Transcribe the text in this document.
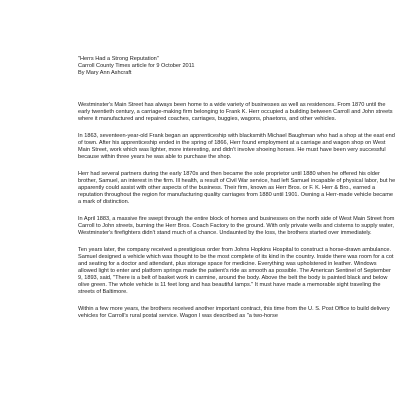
"Herrs Had a Strong Reputation"
Carroll County Times article for 9 October 2011
By Mary Ann Ashcraft

Westminster's Main Street has always been home to a wide variety of businesses as well as residences. From 1870 until the early twentieth century, a carriage-making firm belonging to Frank K. Herr occupied a building between Carroll and John streets where it manufactured and repaired coaches, carriages, buggies, wagons, phaetons, and other vehicles.

In 1863, seventeen-year-old Frank began an apprenticeship with blacksmith Michael Baughman who had a shop at the east end of town. After his apprenticeship ended in the spring of 1866, Herr found employment at a carriage and wagon shop on West Main Street, work which was lighter, more interesting, and didn't involve shoeing horses. He must have been very successful because within three years he was able to purchase the shop.

Herr had several partners during the early 1870s and then became the sole proprietor until 1880 when he offered his older brother, Samuel, an interest in the firm. Ill health, a result of Civil War service, had left Samuel incapable of physical labor, but he apparently could assist with other aspects of the business. Their firm, known as Herr Bros. or F. K. Herr & Bro., earned a reputation throughout the region for manufacturing quality carriages from 1880 until 1901. Owning a Herr-made vehicle became a mark of distinction.

In April 1883, a massive fire swept through the entire block of homes and businesses on the north side of West Main Street from Carroll to John streets, burning the Herr Bros. Coach Factory to the ground. With only private wells and cisterns to supply water, Westminster's firefighters didn't stand much of a chance. Undaunted by the loss, the brothers started over immediately.

Ten years later, the company received a prestigious order from Johns Hopkins Hospital to construct a horse-drawn ambulance. Samuel designed a vehicle which was thought to be the most complete of its kind in the country. Inside there was room for a cot and seating for a doctor and attendant, plus storage space for medicine. Everything was upholstered in leather. Windows allowed light to enter and platform springs made the patient's ride as smooth as possible. The American Sentinel of September 9, 1893, said, "There is a belt of basket work in carmine, around the body. Above the belt the body is painted black and below olive green. The whole vehicle is 11 feet long and has beautiful lamps." It must have made a memorable sight traveling the streets of Baltimore.

Within a few more years, the brothers received another important contract, this time from the U. S. Post Office to build delivery vehicles for Carroll's rural postal service. Wagon I was described as "a two-horse
